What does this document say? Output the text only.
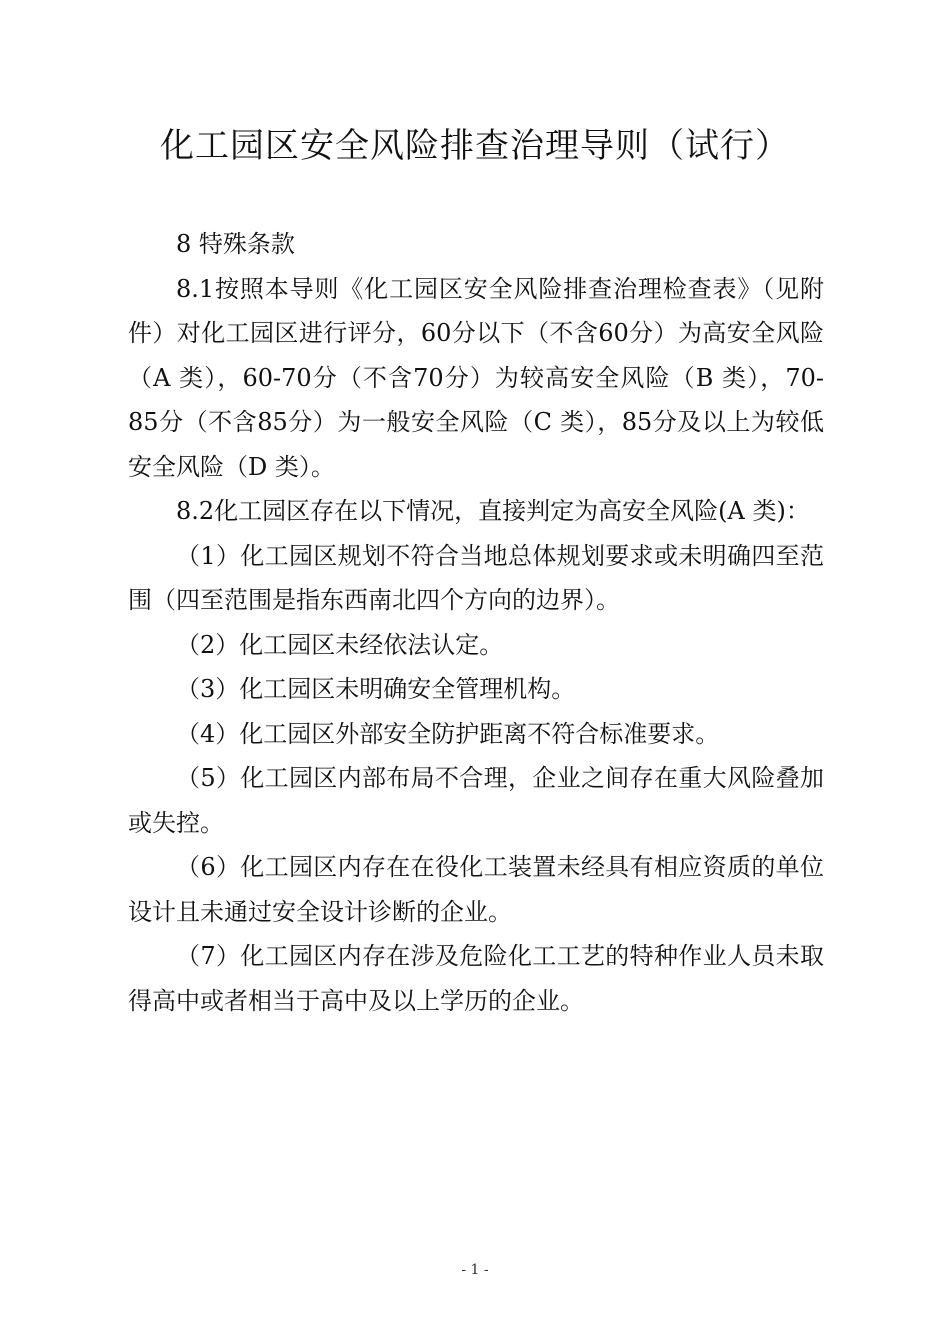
化工园区安全风险排查治理导则（试行）

8 特殊条款

8.1按照本导则《化工园区安全风险排查治理检查表》（见附件）对化工园区进行评分，60分以下（不含60分）为高安全风险（A 类），60-70分（不含70分）为较高安全风险（B 类），70-85分（不含85分）为一般安全风险（C 类），85分及以上为较低安全风险（D 类）。

8.2化工园区存在以下情况，直接判定为高安全风险(A 类)：

（1）化工园区规划不符合当地总体规划要求或未明确四至范围（四至范围是指东西南北四个方向的边界）。

（2）化工园区未经依法认定。

（3）化工园区未明确安全管理机构。

（4）化工园区外部安全防护距离不符合标准要求。

（5）化工园区内部布局不合理，企业之间存在重大风险叠加或失控。

（6）化工园区内存在在役化工装置未经具有相应资质的单位设计且未通过安全设计诊断的企业。

（7）化工园区内存在涉及危险化工工艺的特种作业人员未取得高中或者相当于高中及以上学历的企业。

- 1 -
